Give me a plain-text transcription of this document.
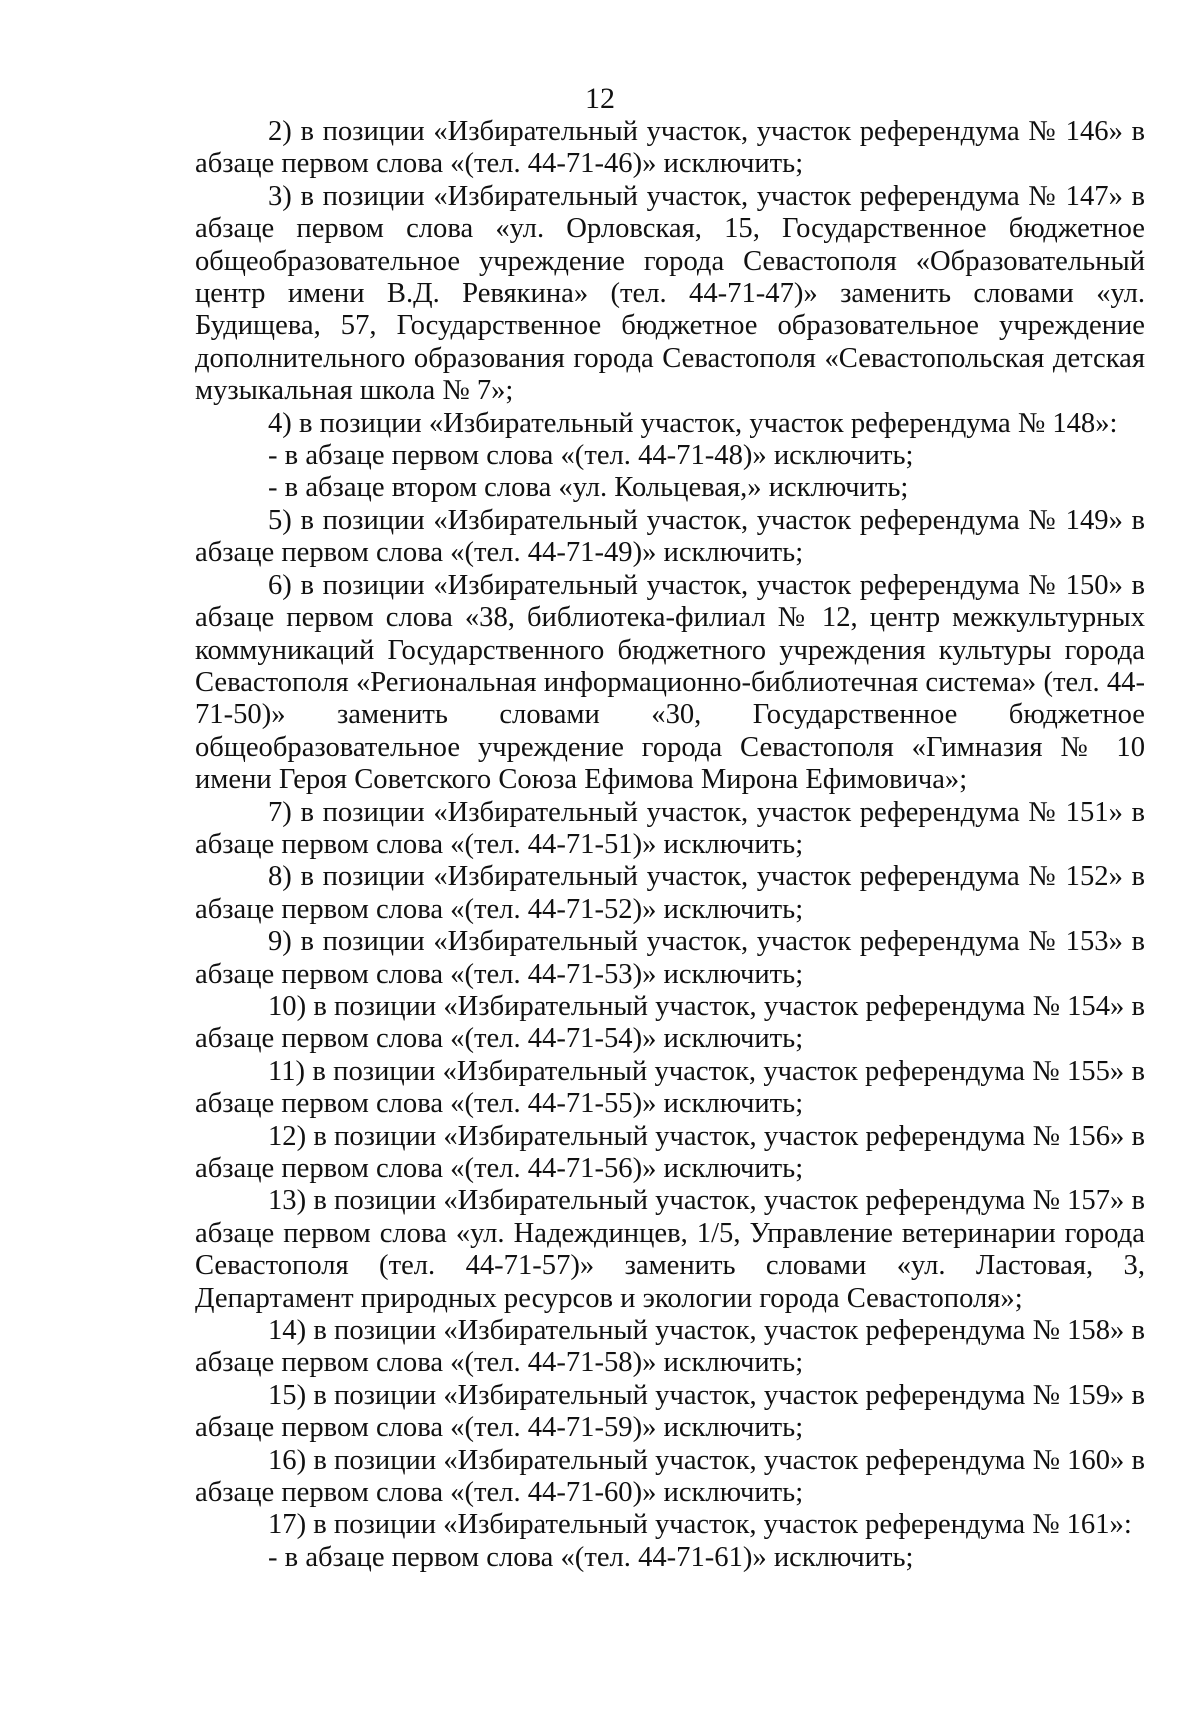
12

2) в позиции «Избирательный участок, участок референдума № 146» в абзаце первом слова «(тел. 44-71-46)» исключить;

3) в позиции «Избирательный участок, участок референдума № 147» в абзаце первом слова «ул. Орловская, 15, Государственное бюджетное общеобразовательное учреждение города Севастополя «Образовательный центр имени В.Д. Ревякина» (тел. 44-71-47)» заменить словами «ул. Будищева, 57, Государственное бюджетное образовательное учреждение дополнительного образования города Севастополя «Севастопольская детская музыкальная школа № 7»;

4) в позиции «Избирательный участок, участок референдума № 148»:

- в абзаце первом слова «(тел. 44-71-48)» исключить;

- в абзаце втором слова «ул. Кольцевая,» исключить;

5) в позиции «Избирательный участок, участок референдума № 149» в абзаце первом слова «(тел. 44-71-49)» исключить;

6) в позиции «Избирательный участок, участок референдума № 150» в абзаце первом слова «38, библиотека-филиал № 12, центр межкультурных коммуникаций Государственного бюджетного учреждения культуры города Севастополя «Региональная информационно-библиотечная система» (тел. 44-71-50)» заменить словами «30, Государственное бюджетное общеобразовательное учреждение города Севастополя «Гимназия № 10 имени Героя Советского Союза Ефимова Мирона Ефимовича»;

7) в позиции «Избирательный участок, участок референдума № 151» в абзаце первом слова «(тел. 44-71-51)» исключить;

8) в позиции «Избирательный участок, участок референдума № 152» в абзаце первом слова «(тел. 44-71-52)» исключить;

9) в позиции «Избирательный участок, участок референдума № 153» в абзаце первом слова «(тел. 44-71-53)» исключить;

10) в позиции «Избирательный участок, участок референдума № 154» в абзаце первом слова «(тел. 44-71-54)» исключить;

11) в позиции «Избирательный участок, участок референдума № 155» в абзаце первом слова «(тел. 44-71-55)» исключить;

12) в позиции «Избирательный участок, участок референдума № 156» в абзаце первом слова «(тел. 44-71-56)» исключить;

13) в позиции «Избирательный участок, участок референдума № 157» в абзаце первом слова «ул. Надеждинцев, 1/5, Управление ветеринарии города Севастополя (тел. 44-71-57)» заменить словами «ул. Ластовая, 3, Департамент природных ресурсов и экологии города Севастополя»;

14) в позиции «Избирательный участок, участок референдума № 158» в абзаце первом слова «(тел. 44-71-58)» исключить;

15) в позиции «Избирательный участок, участок референдума № 159» в абзаце первом слова «(тел. 44-71-59)» исключить;

16) в позиции «Избирательный участок, участок референдума № 160» в абзаце первом слова «(тел. 44-71-60)» исключить;

17) в позиции «Избирательный участок, участок референдума № 161»:

- в абзаце первом слова «(тел. 44-71-61)» исключить;
